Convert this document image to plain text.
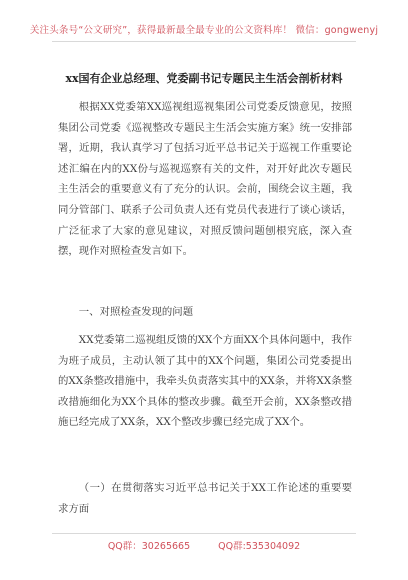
关注头条号“公文研究”，获得最新最全最专业的公文资料库！ 微信：gongwenyj
xx国有企业总经理、党委副书记专题民主生活会剖析材料
根据XX党委第XX巡视组巡视集团公司党委反馈意见，按照集团公司党委《巡视整改专题民主生活会实施方案》统一安排部署，近期，我认真学习了包括习近平总书记关于巡视工作重要论述汇编在内的XX份与巡视巡察有关的文件，对开好此次专题民主生活会的重要意义有了充分的认识。会前，围绕会议主题，我同分管部门、联系子公司负责人还有党员代表进行了谈心谈话，广泛征求了大家的意见建议，对照反馈问题刨根究底，深入查摆，现作对照检查发言如下。
一、对照检查发现的问题
XX党委第二巡视组反馈的XX个方面XX个具体问题中，我作为班子成员，主动认领了其中的XX个问题，集团公司党委提出的XX条整改措施中，我牵头负责落实其中的XX条，并将XX条整改措施细化为XX个具体的整改步骤。截至开会前，XX条整改措施已经完成了XX条，XX个整改步骤已经完成了XX个。
（一）在贯彻落实习近平总书记关于XX工作论述的重要要求方面
QQ群：30265665	QQ群:535304092
